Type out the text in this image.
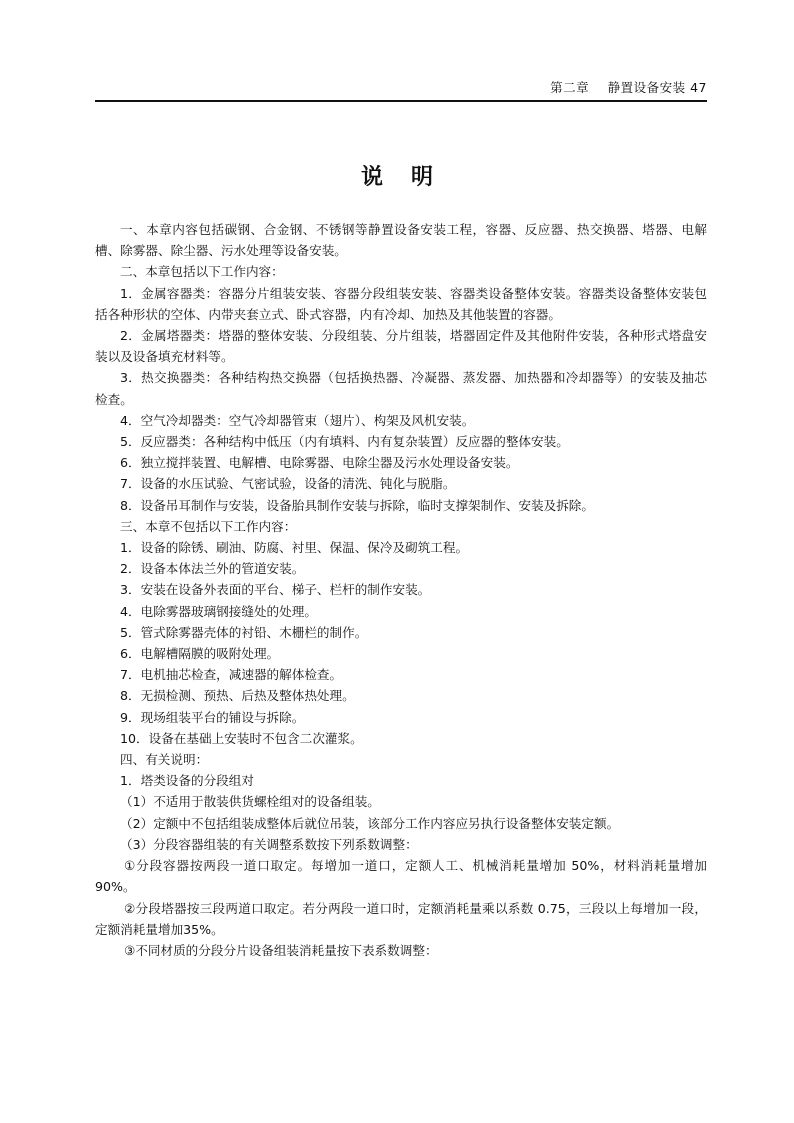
第二章 静置设备安装 47
说明

一、本章内容包括碳钢、合金钢、不锈钢等静置设备安装工程，容器、反应器、热交换器、塔器、电解槽、除雾器、除尘器、污水处理等设备安装。

二、本章包括以下工作内容：

1．金属容器类：容器分片组装安装、容器分段组装安装、容器类设备整体安装。容器类设备整体安装包括各种形状的空体、内带夹套立式、卧式容器，内有冷却、加热及其他装置的容器。

2．金属塔器类：塔器的整体安装、分段组装、分片组装，塔器固定件及其他附件安装，各种形式塔盘安装以及设备填充材料等。

3．热交换器类：各种结构热交换器（包括换热器、冷凝器、蒸发器、加热器和冷却器等）的安装及抽芯检查。

4．空气冷却器类：空气冷却器管束（翅片）、构架及风机安装。

5．反应器类：各种结构中低压（内有填料、内有复杂装置）反应器的整体安装。

6．独立搅拌装置、电解槽、电除雾器、电除尘器及污水处理设备安装。

7．设备的水压试验、气密试验，设备的清洗、钝化与脱脂。

8．设备吊耳制作与安装，设备胎具制作安装与拆除，临时支撑架制作、安装及拆除。

三、本章不包括以下工作内容：

1．设备的除锈、刷油、防腐、衬里、保温、保冷及砌筑工程。

2．设备本体法兰外的管道安装。

3．安装在设备外表面的平台、梯子、栏杆的制作安装。

4．电除雾器玻璃钢接缝处的处理。

5．管式除雾器壳体的衬铅、木栅栏的制作。

6．电解槽隔膜的吸附处理。

7．电机抽芯检查，减速器的解体检查。

8．无损检测、预热、后热及整体热处理。

9．现场组装平台的铺设与拆除。

10．设备在基础上安装时不包含二次灌浆。

四、有关说明：

1．塔类设备的分段组对

（1）不适用于散装供货螺栓组对的设备组装。

（2）定额中不包括组装成整体后就位吊装，该部分工作内容应另执行设备整体安装定额。

（3）分段容器组装的有关调整系数按下列系数调整：

①分段容器按两段一道口取定。每增加一道口，定额人工、机械消耗量增加 50%，材料消耗量增加90%。

②分段塔器按三段两道口取定。若分两段一道口时，定额消耗量乘以系数 0.75，三段以上每增加一段，定额消耗量增加35%。

③不同材质的分段分片设备组装消耗量按下表系数调整：
